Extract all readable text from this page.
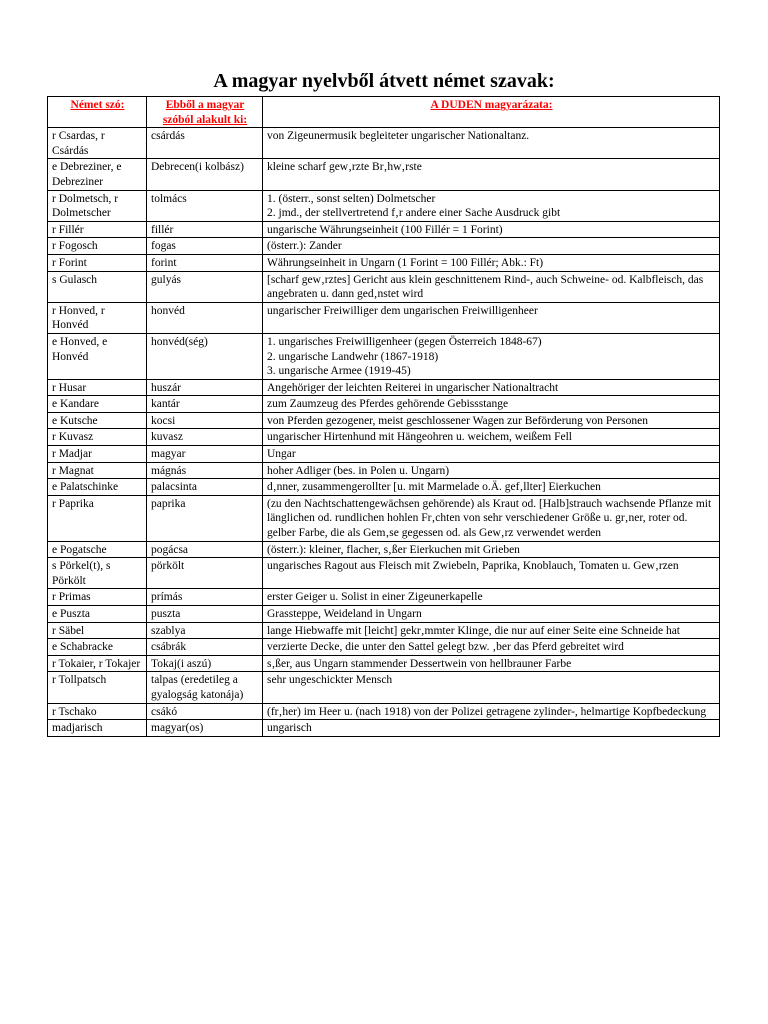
A magyar nyelvből átvett német szavak:
Német szó:	Ebből a magyar szóból alakult ki:	A DUDEN magyarázata:
r Csardas, r Csárdás	csárdás	von Zigeunermusik begleiteter ungarischer Nationaltanz.
e Debreziner, e Debreziner	Debrecen(i kolbász)	kleine scharf gew‚rzte Br‚hw‚rste
r Dolmetsch, r Dolmetscher	tolmács	1. (österr., sonst selten) Dolmetscher
2. jmd., der stellvertretend f‚r andere einer Sache Ausdruck gibt
r Fillér	fillér	ungarische Währungseinheit (100 Fillér = 1 Forint)
r Fogosch	fogas	(österr.): Zander
r Forint	forint	Währungseinheit in Ungarn (1 Forint = 100 Fillér; Abk.: Ft)
s Gulasch	gulyás	[scharf gew‚rztes] Gericht aus klein geschnittenem Rind-, auch Schweine- od. Kalbfleisch, das angebraten u. dann ged‚nstet wird
r Honved, r Honvéd	honvéd	ungarischer Freiwilliger dem ungarischen Freiwilligenheer
e Honved, e Honvéd	honvéd(ség)	1. ungarisches Freiwilligenheer (gegen Österreich 1848-67)
2. ungarische Landwehr (1867-1918)
3. ungarische Armee (1919-45)
r Husar	huszár	Angehöriger der leichten Reiterei in ungarischer Nationaltracht
e Kandare	kantár	zum Zaumzeug des Pferdes gehörende Gebissstange
e Kutsche	kocsi	von Pferden gezogener, meist geschlossener Wagen zur Beförderung von Personen
r Kuvasz	kuvasz	ungarischer Hirtenhund mit Hängeohren u. weichem, weißem Fell
r Madjar	magyar	Ungar
r Magnat	mágnás	hoher Adliger (bes. in Polen u. Ungarn)
e Palatschinke	palacsinta	d‚nner, zusammengerollter [u. mit Marmelade o.Ä. gef‚llter] Eierkuchen
r Paprika	paprika	(zu den Nachtschattengewächsen gehörende) als Kraut od. [Halb]strauch wachsende Pflanze mit länglichen od. rundlichen hohlen Fr‚chten von sehr verschiedener Größe u. gr‚ner, roter od. gelber Farbe, die als Gem‚se gegessen od. als Gew‚rz verwendet werden
e Pogatsche	pogácsa	(österr.): kleiner, flacher, s‚ßer Eierkuchen mit Grieben
s Pörkel(t), s Pörkölt	pörkölt	ungarisches Ragout aus Fleisch mit Zwiebeln, Paprika, Knoblauch, Tomaten u. Gew‚rzen
r Primas	prímás	erster Geiger u. Solist in einer Zigeunerkapelle
e Puszta	puszta	Grassteppe, Weideland in Ungarn
r Säbel	szablya	lange Hiebwaffe mit [leicht] gekr‚mmter Klinge, die nur auf einer Seite eine Schneide hat
e Schabracke	csábrák	verzierte Decke, die unter den Sattel gelegt bzw. ‚ber das Pferd gebreitet wird
r Tokaier, r Tokajer	Tokaj(i aszú)	s‚ßer, aus Ungarn stammender Dessertwein von hellbrauner Farbe
r Tollpatsch	talpas (eredetileg a gyalogság katonája)	sehr ungeschickter Mensch
r Tschako	csákó	(fr‚her) im Heer u. (nach 1918) von der Polizei getragene zylinder-, helmartige Kopfbedeckung
madjarisch	magyar(os)	ungarisch
